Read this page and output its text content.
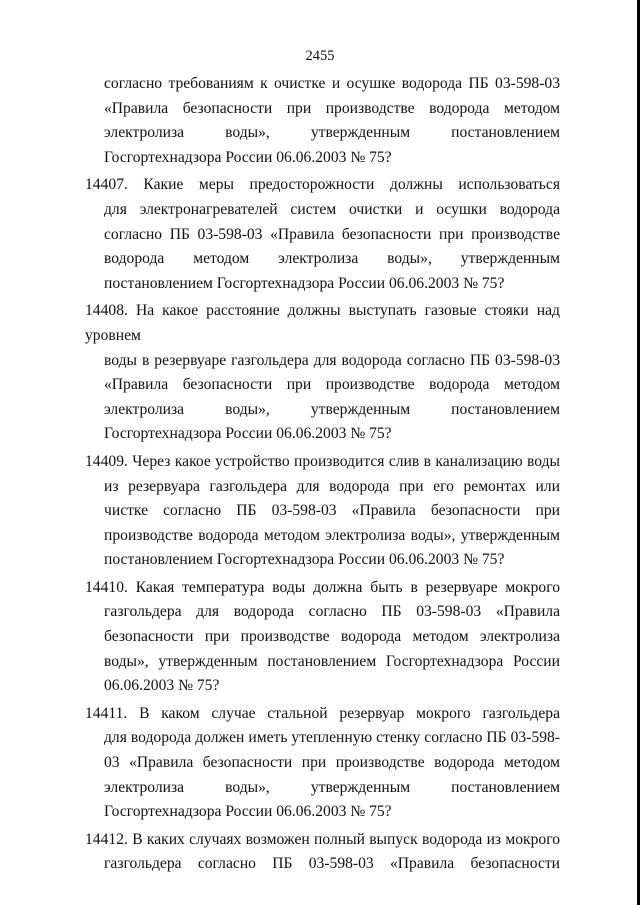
2455

согласно требованиям к очистке и осушке водорода ПБ 03-598-03 «Правила безопасности при производстве водорода методом электролиза воды», утвержденным постановлением Госгортехнадзора России 06.06.2003 № 75?

14407. Какие меры предосторожности должны использоваться
для электронагревателей систем очистки и осушки водорода согласно ПБ 03-598-03 «Правила безопасности при производстве водорода методом электролиза воды», утвержденным постановлением Госгортехнадзора России 06.06.2003 № 75?
14408. На какое расстояние должны выступать газовые стояки над уровнем
воды в резервуаре газгольдера для водорода согласно ПБ 03-598-03 «Правила безопасности при производстве водорода методом электролиза воды», утвержденным постановлением Госгортехнадзора России 06.06.2003 № 75?
14409. Через какое устройство производится слив в канализацию воды
из резервуара газгольдера для водорода при его ремонтах или чистке согласно ПБ 03-598-03 «Правила безопасности при производстве водорода методом электролиза воды», утвержденным постановлением Госгортехнадзора России 06.06.2003 № 75?
14410. Какая температура воды должна быть в резервуаре мокрого
газгольдера для водорода согласно ПБ 03-598-03 «Правила безопасности при производстве водорода методом электролиза воды», утвержденным постановлением Госгортехнадзора России 06.06.2003 № 75?
14411. В каком случае стальной резервуар мокрого газгольдера
для водорода должен иметь утепленную стенку согласно ПБ 03-598-03 «Правила безопасности при производстве водорода методом электролиза воды», утвержденным постановлением Госгортехнадзора России 06.06.2003 № 75?
14412. В каких случаях возможен полный выпуск водорода из мокрого
газгольдера согласно ПБ 03-598-03 «Правила безопасности
